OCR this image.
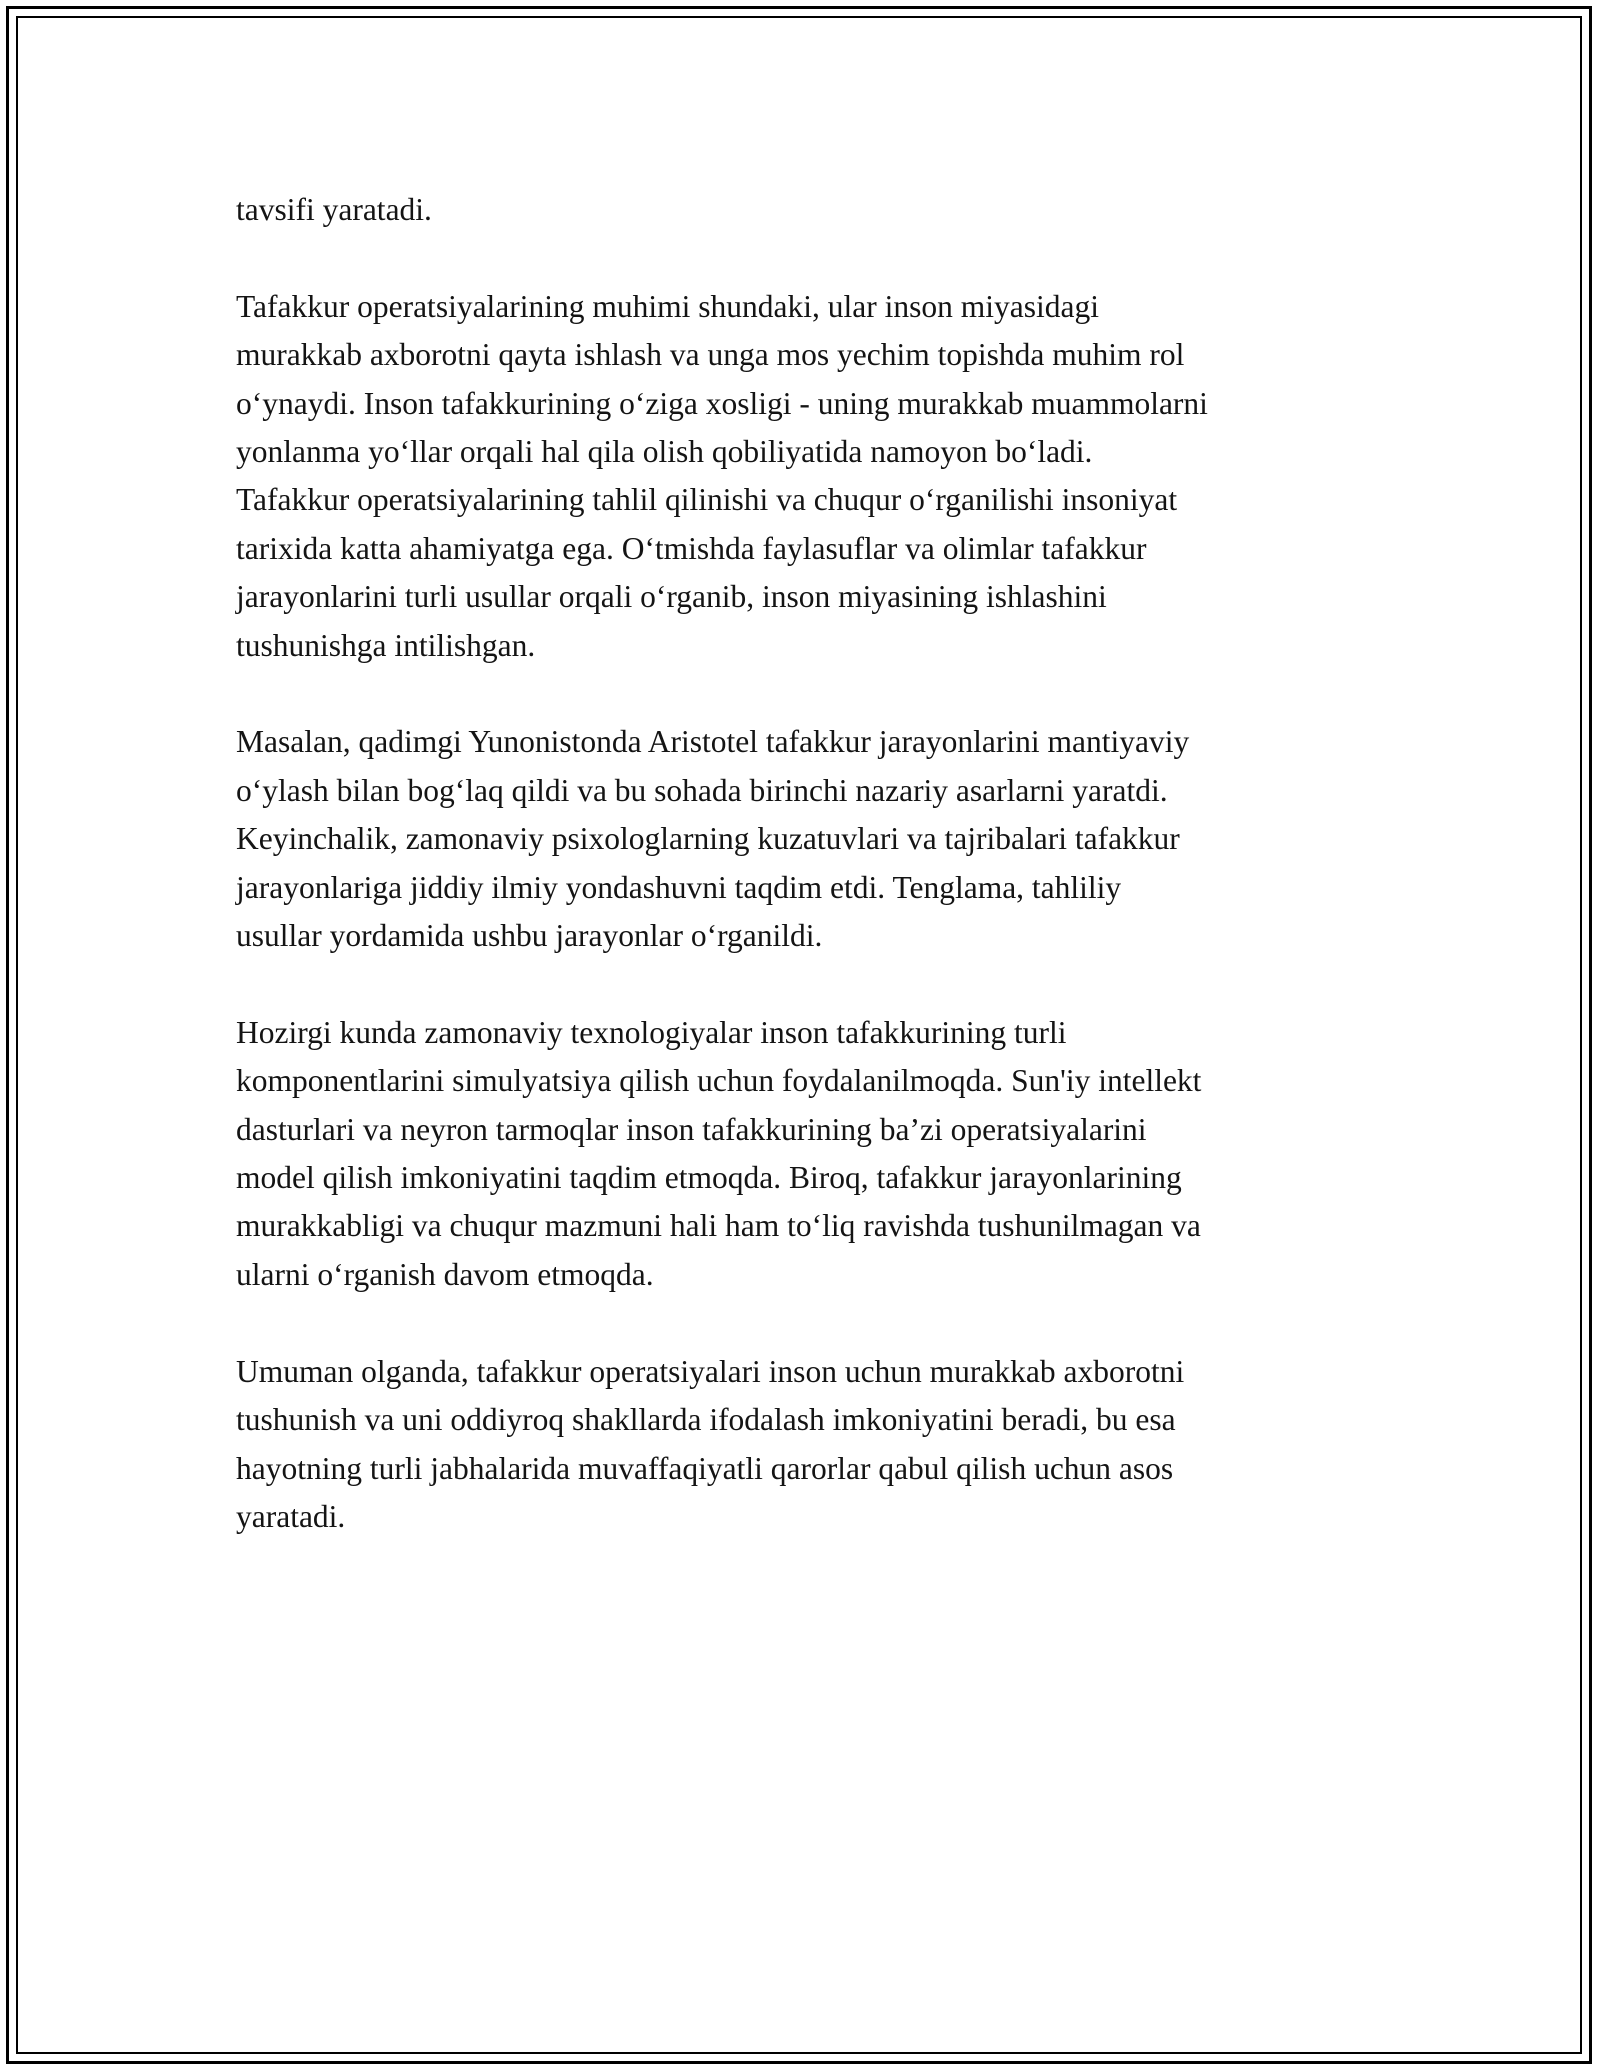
tavsifi yaratadi.

Tafakkur operatsiyalarining muhimi shundaki, ular inson miyasidagi
murakkab axborotni qayta ishlash va unga mos yechim topishda muhim rol
o‘ynaydi. Inson tafakkurining o‘ziga xosligi - uning murakkab muammolarni
yonlanma yo‘llar orqali hal qila olish qobiliyatida namoyon bo‘ladi.
Tafakkur operatsiyalarining tahlil qilinishi va chuqur o‘rganilishi insoniyat
tarixida katta ahamiyatga ega. O‘tmishda faylasuflar va olimlar tafakkur
jarayonlarini turli usullar orqali o‘rganib, inson miyasining ishlashini
tushunishga intilishgan.

Masalan, qadimgi Yunonistonda Aristotel tafakkur jarayonlarini mantiyaviy
o‘ylash bilan bog‘laq qildi va bu sohada birinchi nazariy asarlarni yaratdi.
Keyinchalik, zamonaviy psixologlarning kuzatuvlari va tajribalari tafakkur
jarayonlariga jiddiy ilmiy yondashuvni taqdim etdi. Tenglama, tahliliy
usullar yordamida ushbu jarayonlar o‘rganildi.

Hozirgi kunda zamonaviy texnologiyalar inson tafakkurining turli
komponentlarini simulyatsiya qilish uchun foydalanilmoqda. Sun'iy intellekt
dasturlari va neyron tarmoqlar inson tafakkurining ba’zi operatsiyalarini
model qilish imkoniyatini taqdim etmoqda. Biroq, tafakkur jarayonlarining
murakkabligi va chuqur mazmuni hali ham to‘liq ravishda tushunilmagan va
ularni o‘rganish davom etmoqda.

Umuman olganda, tafakkur operatsiyalari inson uchun murakkab axborotni
tushunish va uni oddiyroq shakllarda ifodalash imkoniyatini beradi, bu esa
hayotning turli jabhalarida muvaffaqiyatli qarorlar qabul qilish uchun asos
yaratadi.
